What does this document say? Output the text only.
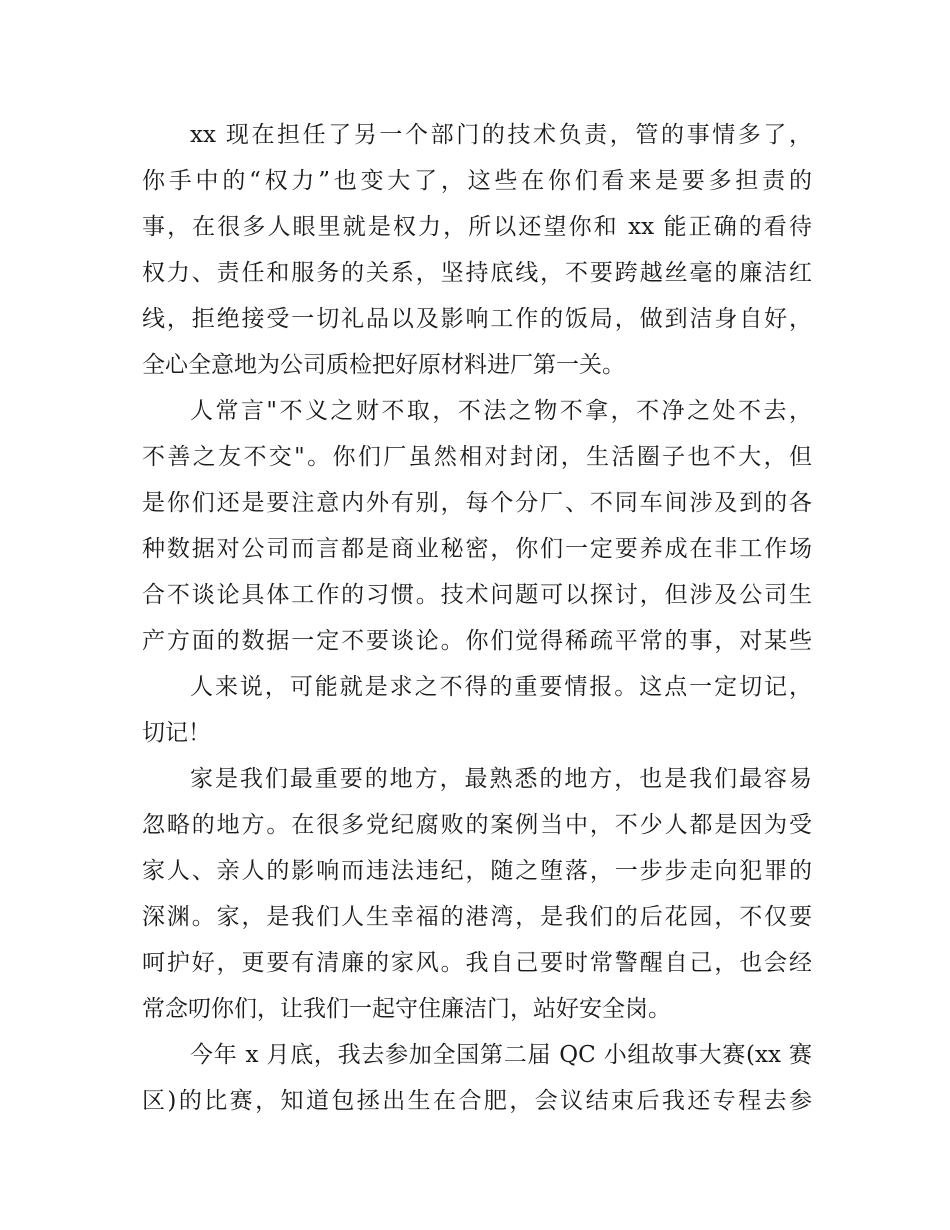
xx 现在担任了另一个部门的技术负责，管的事情多了，
你手中的“权力”也变大了，这些在你们看来是要多担责的
事，在很多人眼里就是权力，所以还望你和 xx 能正确的看待
权力、责任和服务的关系，坚持底线，不要跨越丝毫的廉洁红
线，拒绝接受一切礼品以及影响工作的饭局，做到洁身自好，
全心全意地为公司质检把好原材料进厂第一关。
人常言"不义之财不取，不法之物不拿，不净之处不去，
不善之友不交"。你们厂虽然相对封闭，生活圈子也不大，但
是你们还是要注意内外有别，每个分厂、不同车间涉及到的各
种数据对公司而言都是商业秘密，你们一定要养成在非工作场
合不谈论具体工作的习惯。技术问题可以探讨，但涉及公司生
产方面的数据一定不要谈论。你们觉得稀疏平常的事，对某些
人来说，可能就是求之不得的重要情报。这点一定切记，
切记！
家是我们最重要的地方，最熟悉的地方，也是我们最容易
忽略的地方。在很多党纪腐败的案例当中，不少人都是因为受
家人、亲人的影响而违法违纪，随之堕落，一步步走向犯罪的
深渊。家，是我们人生幸福的港湾，是我们的后花园，不仅要
呵护好，更要有清廉的家风。我自己要时常警醒自己，也会经
常念叨你们，让我们一起守住廉洁门，站好安全岗。
今年 x 月底，我去参加全国第二届 QC 小组故事大赛(xx 赛
区)的比赛，知道包拯出生在合肥，会议结束后我还专程去参
